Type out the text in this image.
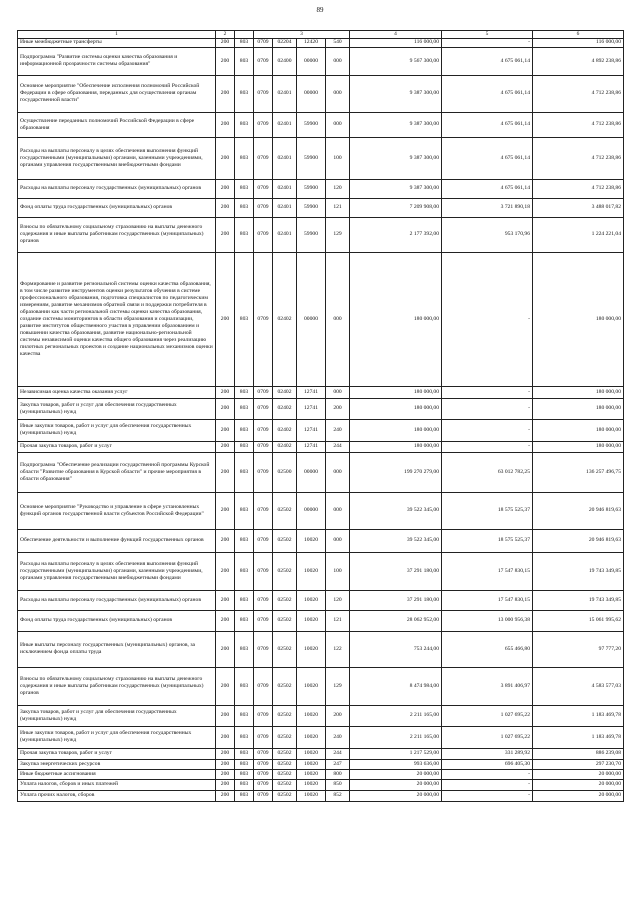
89
1	2		3				4	5	6
Иные межбюджетные трансферты	200	803	0709	02204	12420	540	116 000,00	-	116 000,00
Подпрограмма "Развитие системы оценки качества образования и информационной прозрачности системы образования"	200	803	0709	02400	00000	000	9 567 300,00	4 675 061,14	4 892 238,86
Основное мероприятие "Обеспечение исполнения полномочий Российской Федерации в сфере образования, переданных для осуществления органам государственной власти"	200	803	0709	02401	00000	000	9 387 300,00	4 675 061,14	4 712 238,86
Осуществление переданных полномочий Российской Федерации в сфере образования	200	803	0709	02401	59900	000	9 387 300,00	4 675 061,14	4 712 238,86
Расходы на выплаты персоналу в целях обеспечения выполнения функций государственными (муниципальными) органами, казенными учреждениями, органами управления государственными внебюджетными фондами	200	803	0709	02401	59900	100	9 387 300,00	4 675 061,14	4 712 238,86
Расходы на выплаты персоналу государственных (муниципальных) органов	200	803	0709	02401	59900	120	9 387 300,00	4 675 061,14	4 712 238,86
Фонд оплаты труда государственных (муниципальных) органов	200	803	0709	02401	59900	121	7 209 908,00	3 721 890,18	3 488 017,82
Взносы по обязательному социальному страхованию на выплаты денежного содержания и иные выплаты работникам государственных (муниципальных) органов	200	803	0709	02401	59900	129	2 177 392,00	953 170,96	1 224 221,04
Формирование и развитие региональной системы оценки качества образования, в том числе развитие инструментов оценки результатов обучения в системе профессионального образования, подготовка специалистов по педагогическим измерениям, развитие механизмов обратной связи и поддержки потребителя в образовании как части региональной системы оценки качества образования, создание системы мониторингов в области образования и социализации, развитие институтов общественного участия в управлении образованием и повышении качества образования, развитие национально-региональной системы независимой оценки качества общего образования через реализацию пилотных региональных проектов и создание национальных механизмов оценки качества	200	803	0709	02402	00000	000	180 000,00	-	180 000,00
Независимая оценка качества оказания услуг	200	803	0709	02402	12741	000	180 000,00	-	180 000,00
Закупка товаров, работ и услуг для обеспечения государственных (муниципальных) нужд	200	803	0709	02402	12741	200	180 000,00	-	180 000,00
Иные закупки товаров, работ и услуг для обеспечения государственных (муниципальных) нужд	200	803	0709	02402	12741	240	180 000,00	-	180 000,00
Прочая закупка товаров, работ и услуг	200	803	0709	02402	12741	244	180 000,00	-	180 000,00
Подпрограмма "Обеспечение реализации государственной программы Курской области "Развитие образования в Курской области" и прочие мероприятия в области образования"	200	803	0709	02500	00000	000	199 270 279,00	63 012 782,25	136 257 496,75
Основное мероприятие "Руководство и управление в сфере установленных функций органов государственной власти субъектов Российской Федерации"	200	803	0709	02502	00000	000	39 522 345,00	18 575 525,37	20 946 819,63
Обеспечение деятельности и выполнение функций государственных органов	200	803	0709	02502	10020	000	39 522 345,00	18 575 525,37	20 946 819,63
Расходы на выплаты персоналу в целях обеспечения выполнения функций государственными (муниципальными) органами, казенными учреждениями, органами управления государственными внебюджетными фондами	200	803	0709	02502	10020	100	37 291 180,00	17 547 830,15	19 743 349,85
Расходы на выплаты персоналу государственных (муниципальных) органов	200	803	0709	02502	10020	120	37 291 180,00	17 547 830,15	19 743 349,85
Фонд оплаты труда государственных (муниципальных) органов	200	803	0709	02502	10020	121	28 062 952,00	13 000 956,38	15 061 995,62
Иные выплаты персоналу государственных (муниципальных) органов, за исключением фонда оплаты труда	200	803	0709	02502	10020	122	753 244,00	655 466,80	97 777,20
Взносы по обязательному социальному страхованию на выплаты денежного содержания и иные выплаты работникам государственных (муниципальных) органов	200	803	0709	02502	10020	129	8 474 984,00	3 891 406,97	4 583 577,03
Закупка товаров, работ и услуг для обеспечения государственных (муниципальных) нужд	200	803	0709	02502	10020	200	2 211 165,00	1 027 695,22	1 183 469,78
Иные закупки товаров, работ и услуг для обеспечения государственных (муниципальных) нужд	200	803	0709	02502	10020	240	2 211 165,00	1 027 695,22	1 183 469,78
Прочая закупка товаров, работ и услуг	200	803	0709	02502	10020	244	1 217 529,00	331 289,92	886 239,08
Закупка энергетических ресурсов	200	803	0709	02502	10020	247	993 636,00	696 405,30	297 230,70
Иные бюджетные ассигнования	200	803	0709	02502	10020	800	20 000,00	-	20 000,00
Уплата налогов, сборов и иных платежей	200	803	0709	02502	10020	850	20 000,00	-	20 000,00
Уплата прочих налогов, сборов	200	803	0709	02502	10020	852	20 000,00	-	20 000,00
